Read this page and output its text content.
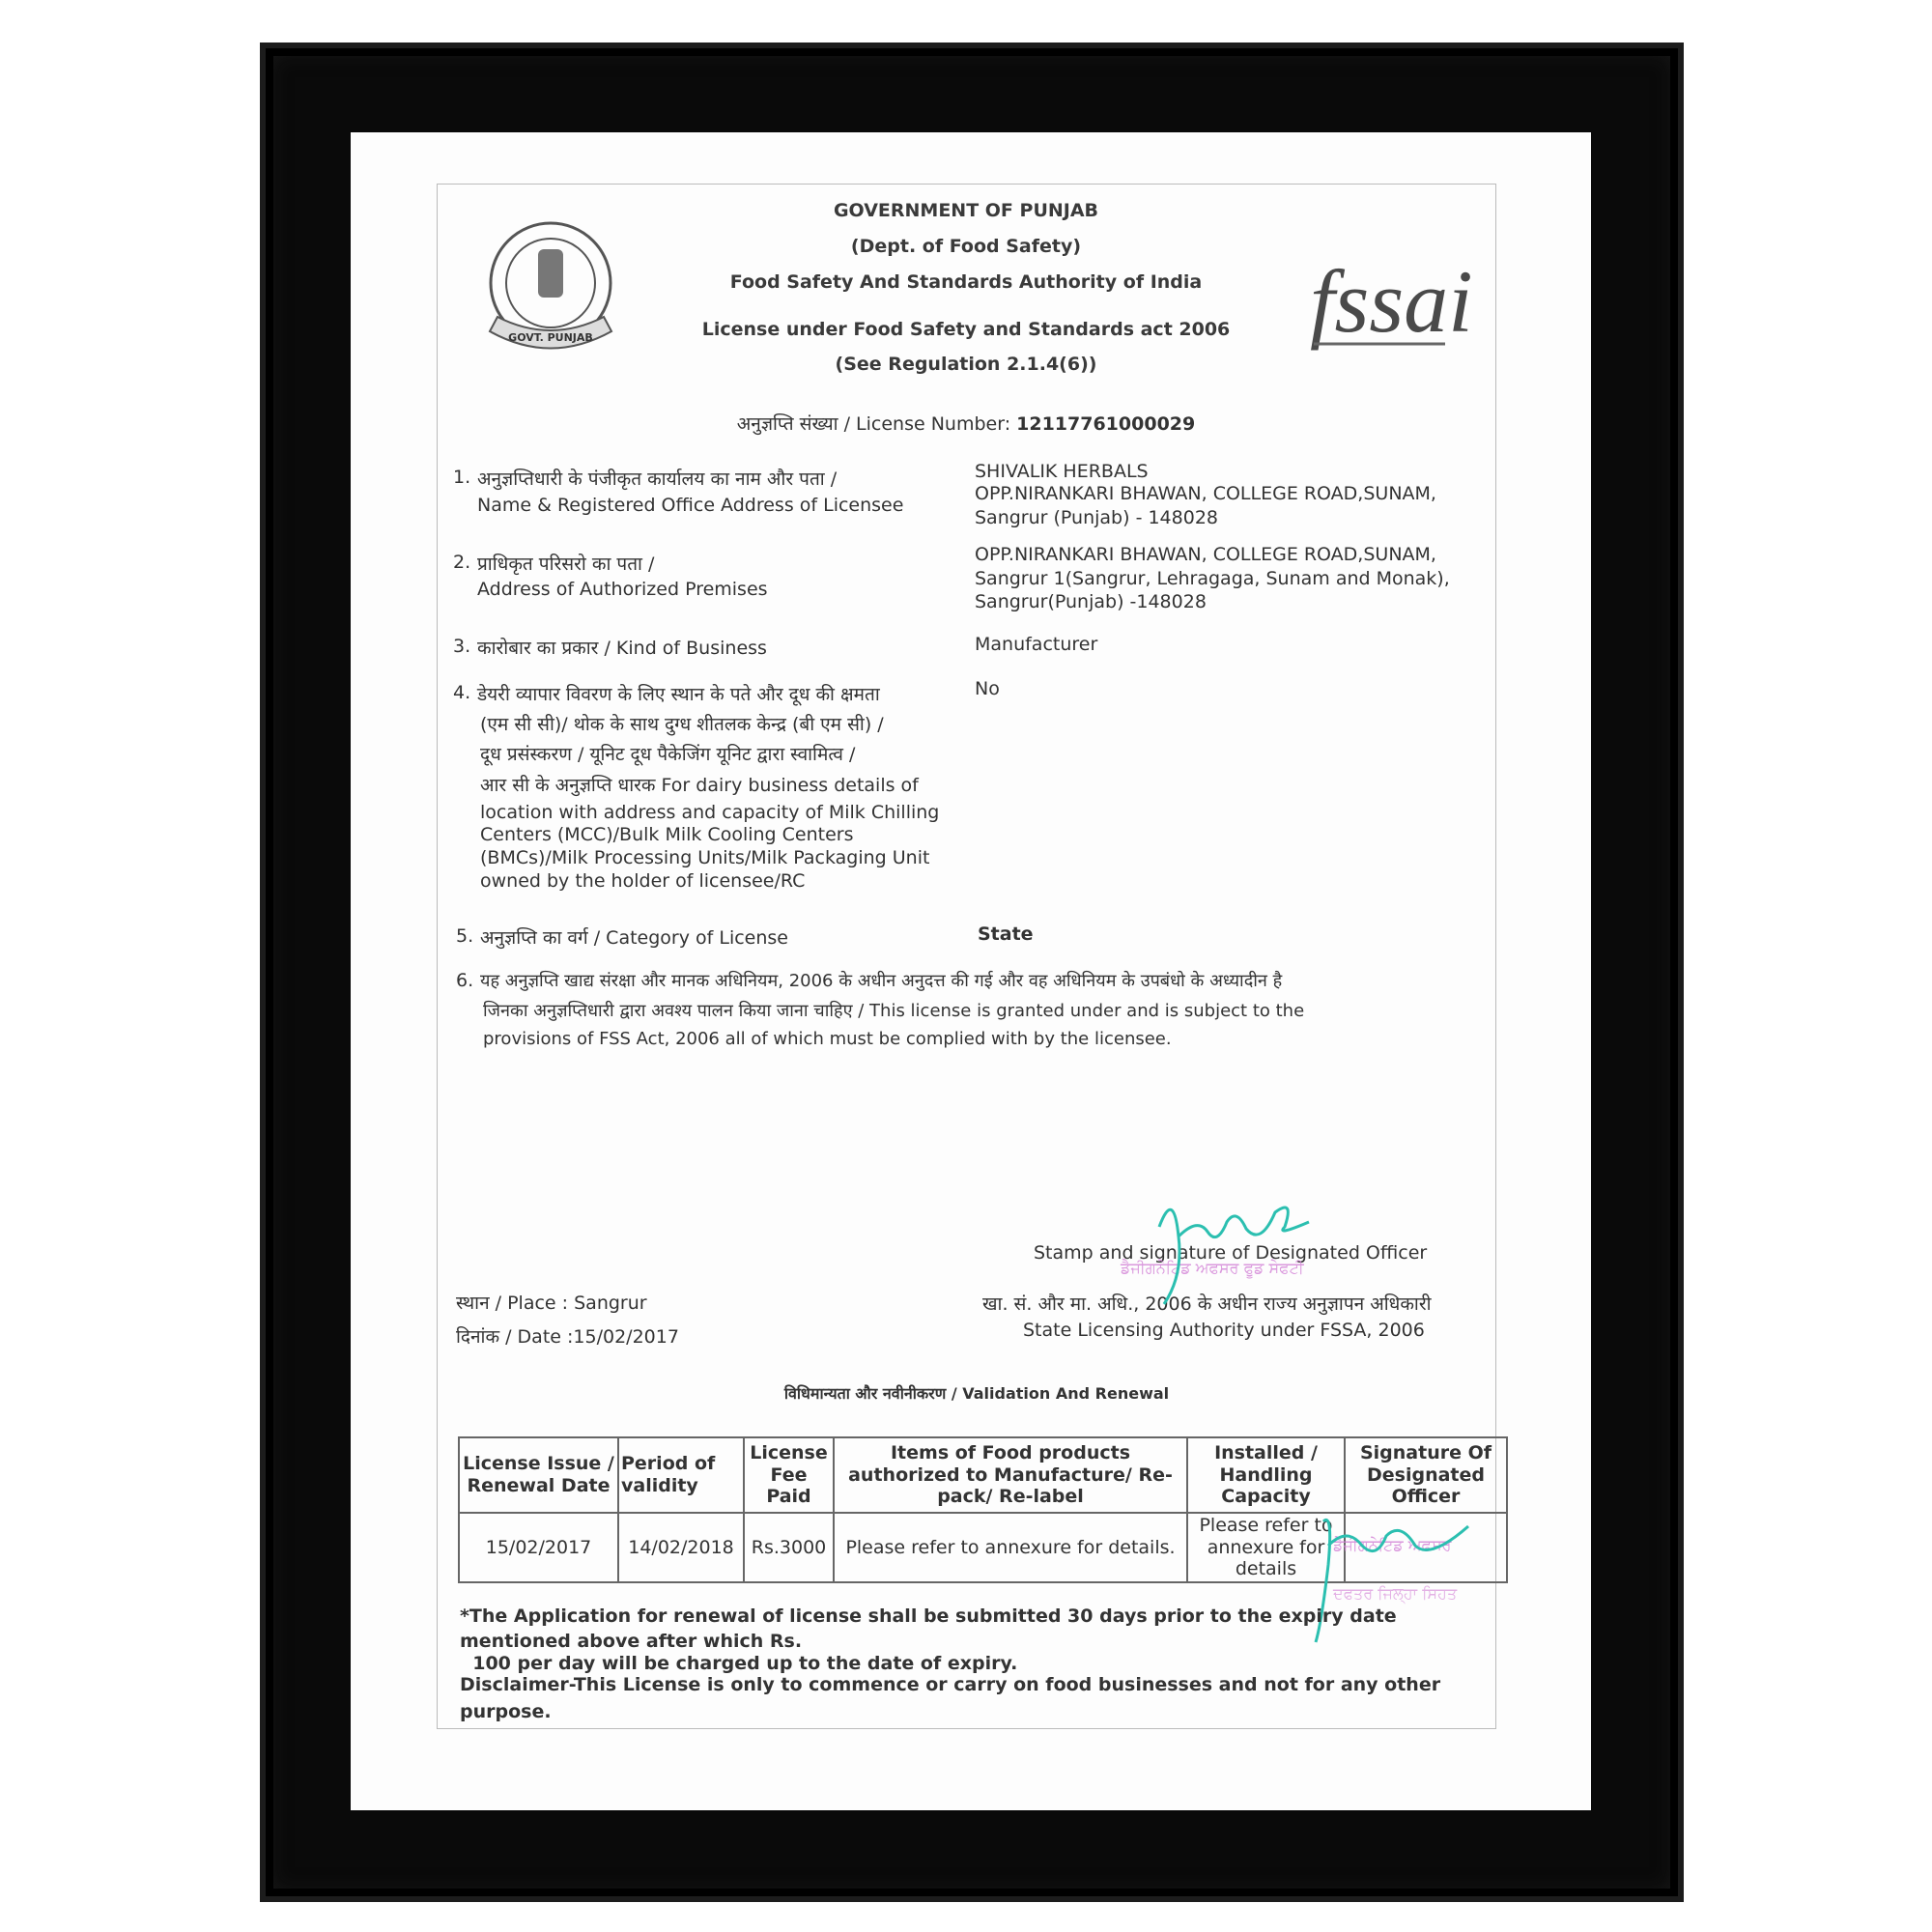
GOVT. PUNJAB	fssai
GOVERNMENT OF PUNJAB
(Dept. of Food Safety)
Food Safety And Standards Authority of India
License under Food Safety and Standards act 2006
(See Regulation 2.1.4(6))
अनुज्ञप्ति संख्या / License Number: 12117761000029
1. अनुज्ञप्तिधारी के पंजीकृत कार्यालय का नाम और पता /
Name & Registered Office Address of Licensee
SHIVALIK HERBALS
OPP.NIRANKARI BHAWAN, COLLEGE ROAD,SUNAM,
Sangrur (Punjab) - 148028
2. प्राधिकृत परिसरो का पता /
Address of Authorized Premises
OPP.NIRANKARI BHAWAN, COLLEGE ROAD,SUNAM,
Sangrur 1(Sangrur, Lehragaga, Sunam and Monak),
Sangrur(Punjab) -148028
3. कारोबार का प्रकार / Kind of Business	Manufacturer
4. डेयरी व्यापार विवरण के लिए स्थान के पते और दूध की क्षमता
(एम सी सी)/ थोक के साथ दुग्ध शीतलक केन्द्र (बी एम सी) /
दूध प्रसंस्करण / यूनिट दूध पैकेजिंग यूनिट द्वारा स्वामित्व /
आर सी के अनुज्ञप्ति धारक For dairy business details of
location with address and capacity of Milk Chilling
Centers (MCC)/Bulk Milk Cooling Centers
(BMCs)/Milk Processing Units/Milk Packaging Unit
owned by the holder of licensee/RC
No
5. अनुज्ञप्ति का वर्ग / Category of License	State
6. यह अनुज्ञप्ति खाद्य संरक्षा और मानक अधिनियम, 2006 के अधीन अनुदत्त की गई और वह अधिनियम के उपबंधो के अध्यादीन है
जिनका अनुज्ञप्तिधारी द्वारा अवश्य पालन किया जाना चाहिए / This license is granted under and is subject to the
provisions of FSS Act, 2006 all of which must be complied with by the licensee.
Stamp and signature of Designated Officer
खा. सं. और मा. अधि., 2006 के अधीन राज्य अनुज्ञापन अधिकारी
State Licensing Authority under FSSA, 2006
ਡੈਜੀਗਨੇਟਿਡ ਅਫਸਰ ਫੂਡ ਸੇਫਟੀ
स्थान / Place : Sangrur
दिनांक / Date :15/02/2017
विधिमान्यता और नवीनीकरण / Validation And Renewal
License Issue / Renewal Date	Period of validity	License Fee Paid	Items of Food products authorized to Manufacture/ Re-pack/ Re-label	Installed / Handling Capacity	Signature Of Designated Officer
15/02/2017	14/02/2018	Rs.3000	Please refer to annexure for details.	Please refer to annexure for details	
ਡੈਜੀਗਨੇਟਿਡ ਅਫਸਰ
ਦਫਤਰ ਜਿਲ੍ਹਾ ਸਿਹਤ
*The Application for renewal of license shall be submitted 30 days prior to the expiry date
mentioned above after which Rs.
100 per day will be charged up to the date of expiry.
Disclaimer-This License is only to commence or carry on food businesses and not for any other
purpose.
